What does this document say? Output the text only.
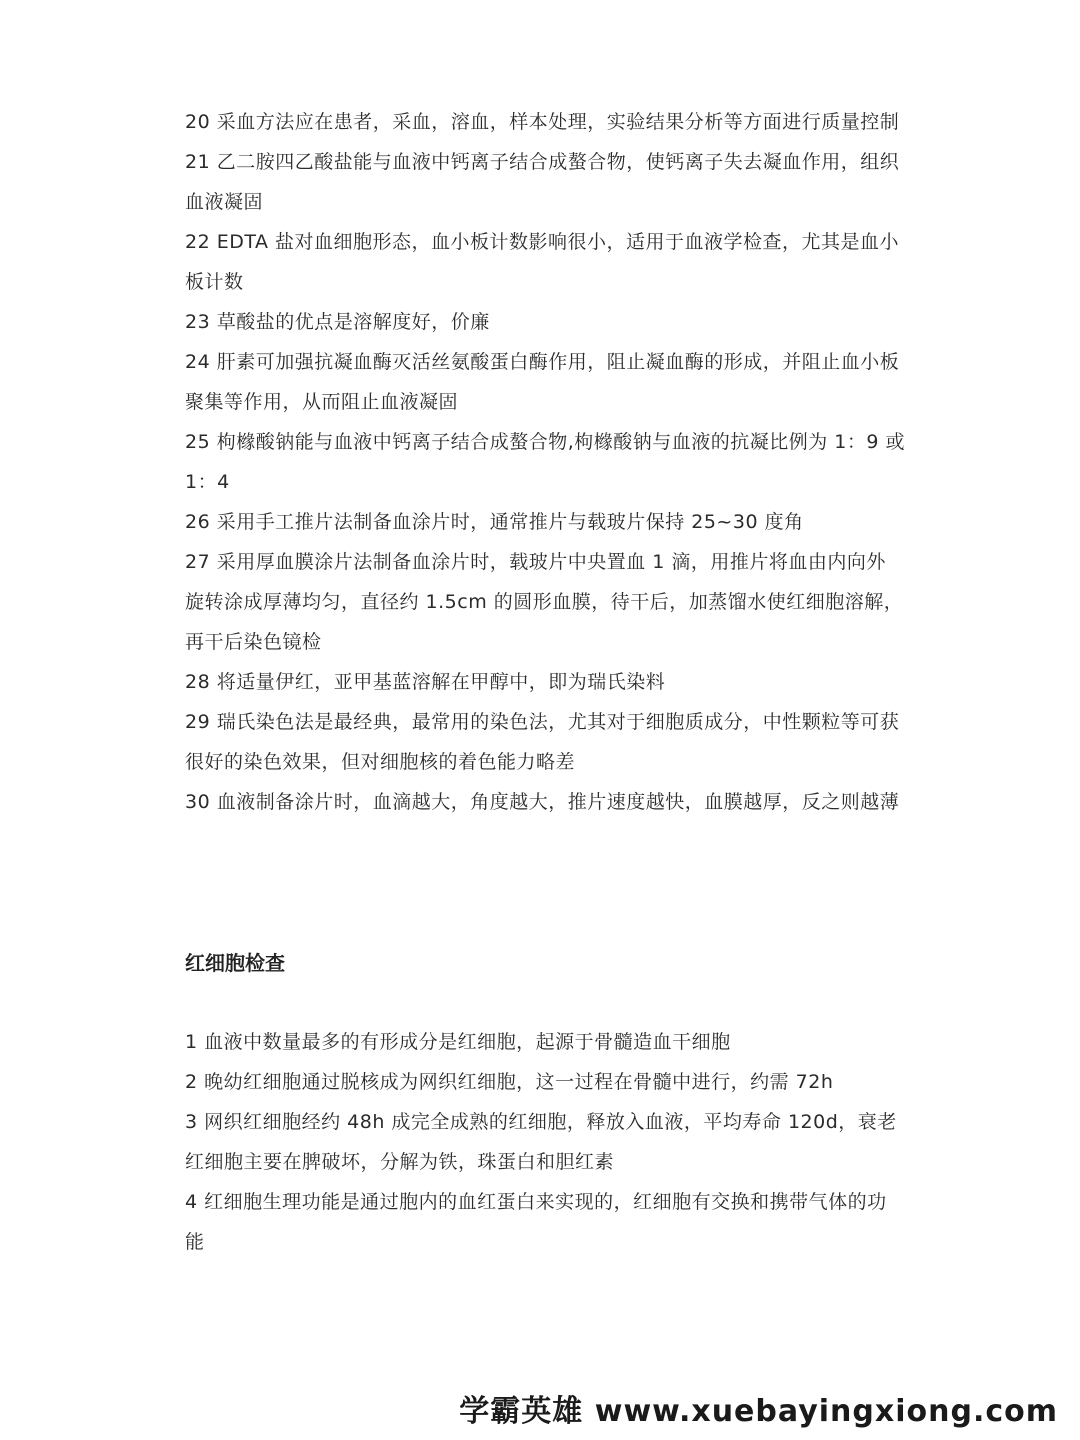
20 采血方法应在患者，采血，溶血，样本处理，实验结果分析等方面进行质量控制

21 乙二胺四乙酸盐能与血液中钙离子结合成螯合物，使钙离子失去凝血作用，组织血液凝固

22 EDTA 盐对血细胞形态，血小板计数影响很小，适用于血液学检查，尤其是血小板计数

23 草酸盐的优点是溶解度好，价廉

24 肝素可加强抗凝血酶灭活丝氨酸蛋白酶作用，阻止凝血酶的形成，并阻止血小板聚集等作用，从而阻止血液凝固

25 枸橼酸钠能与血液中钙离子结合成螯合物,枸橼酸钠与血液的抗凝比例为 1：9 或 1：4

26 采用手工推片法制备血涂片时，通常推片与载玻片保持 25~30 度角

27 采用厚血膜涂片法制备血涂片时，载玻片中央置血 1 滴，用推片将血由内向外旋转涂成厚薄均匀，直径约 1.5cm 的圆形血膜，待干后，加蒸馏水使红细胞溶解，再干后染色镜检

28 将适量伊红，亚甲基蓝溶解在甲醇中，即为瑞氏染料

29 瑞氏染色法是最经典，最常用的染色法，尤其对于细胞质成分，中性颗粒等可获很好的染色效果，但对细胞核的着色能力略差

30 血液制备涂片时，血滴越大，角度越大，推片速度越快，血膜越厚，反之则越薄

红细胞检查

1 血液中数量最多的有形成分是红细胞，起源于骨髓造血干细胞

2 晚幼红细胞通过脱核成为网织红细胞，这一过程在骨髓中进行，约需 72h

3 网织红细胞经约 48h 成完全成熟的红细胞，释放入血液，平均寿命 120d，衰老红细胞主要在脾破坏，分解为铁，珠蛋白和胆红素

4 红细胞生理功能是通过胞内的血红蛋白来实现的，红细胞有交换和携带气体的功能

学霸英雄 www.xuebayingxiong.com
